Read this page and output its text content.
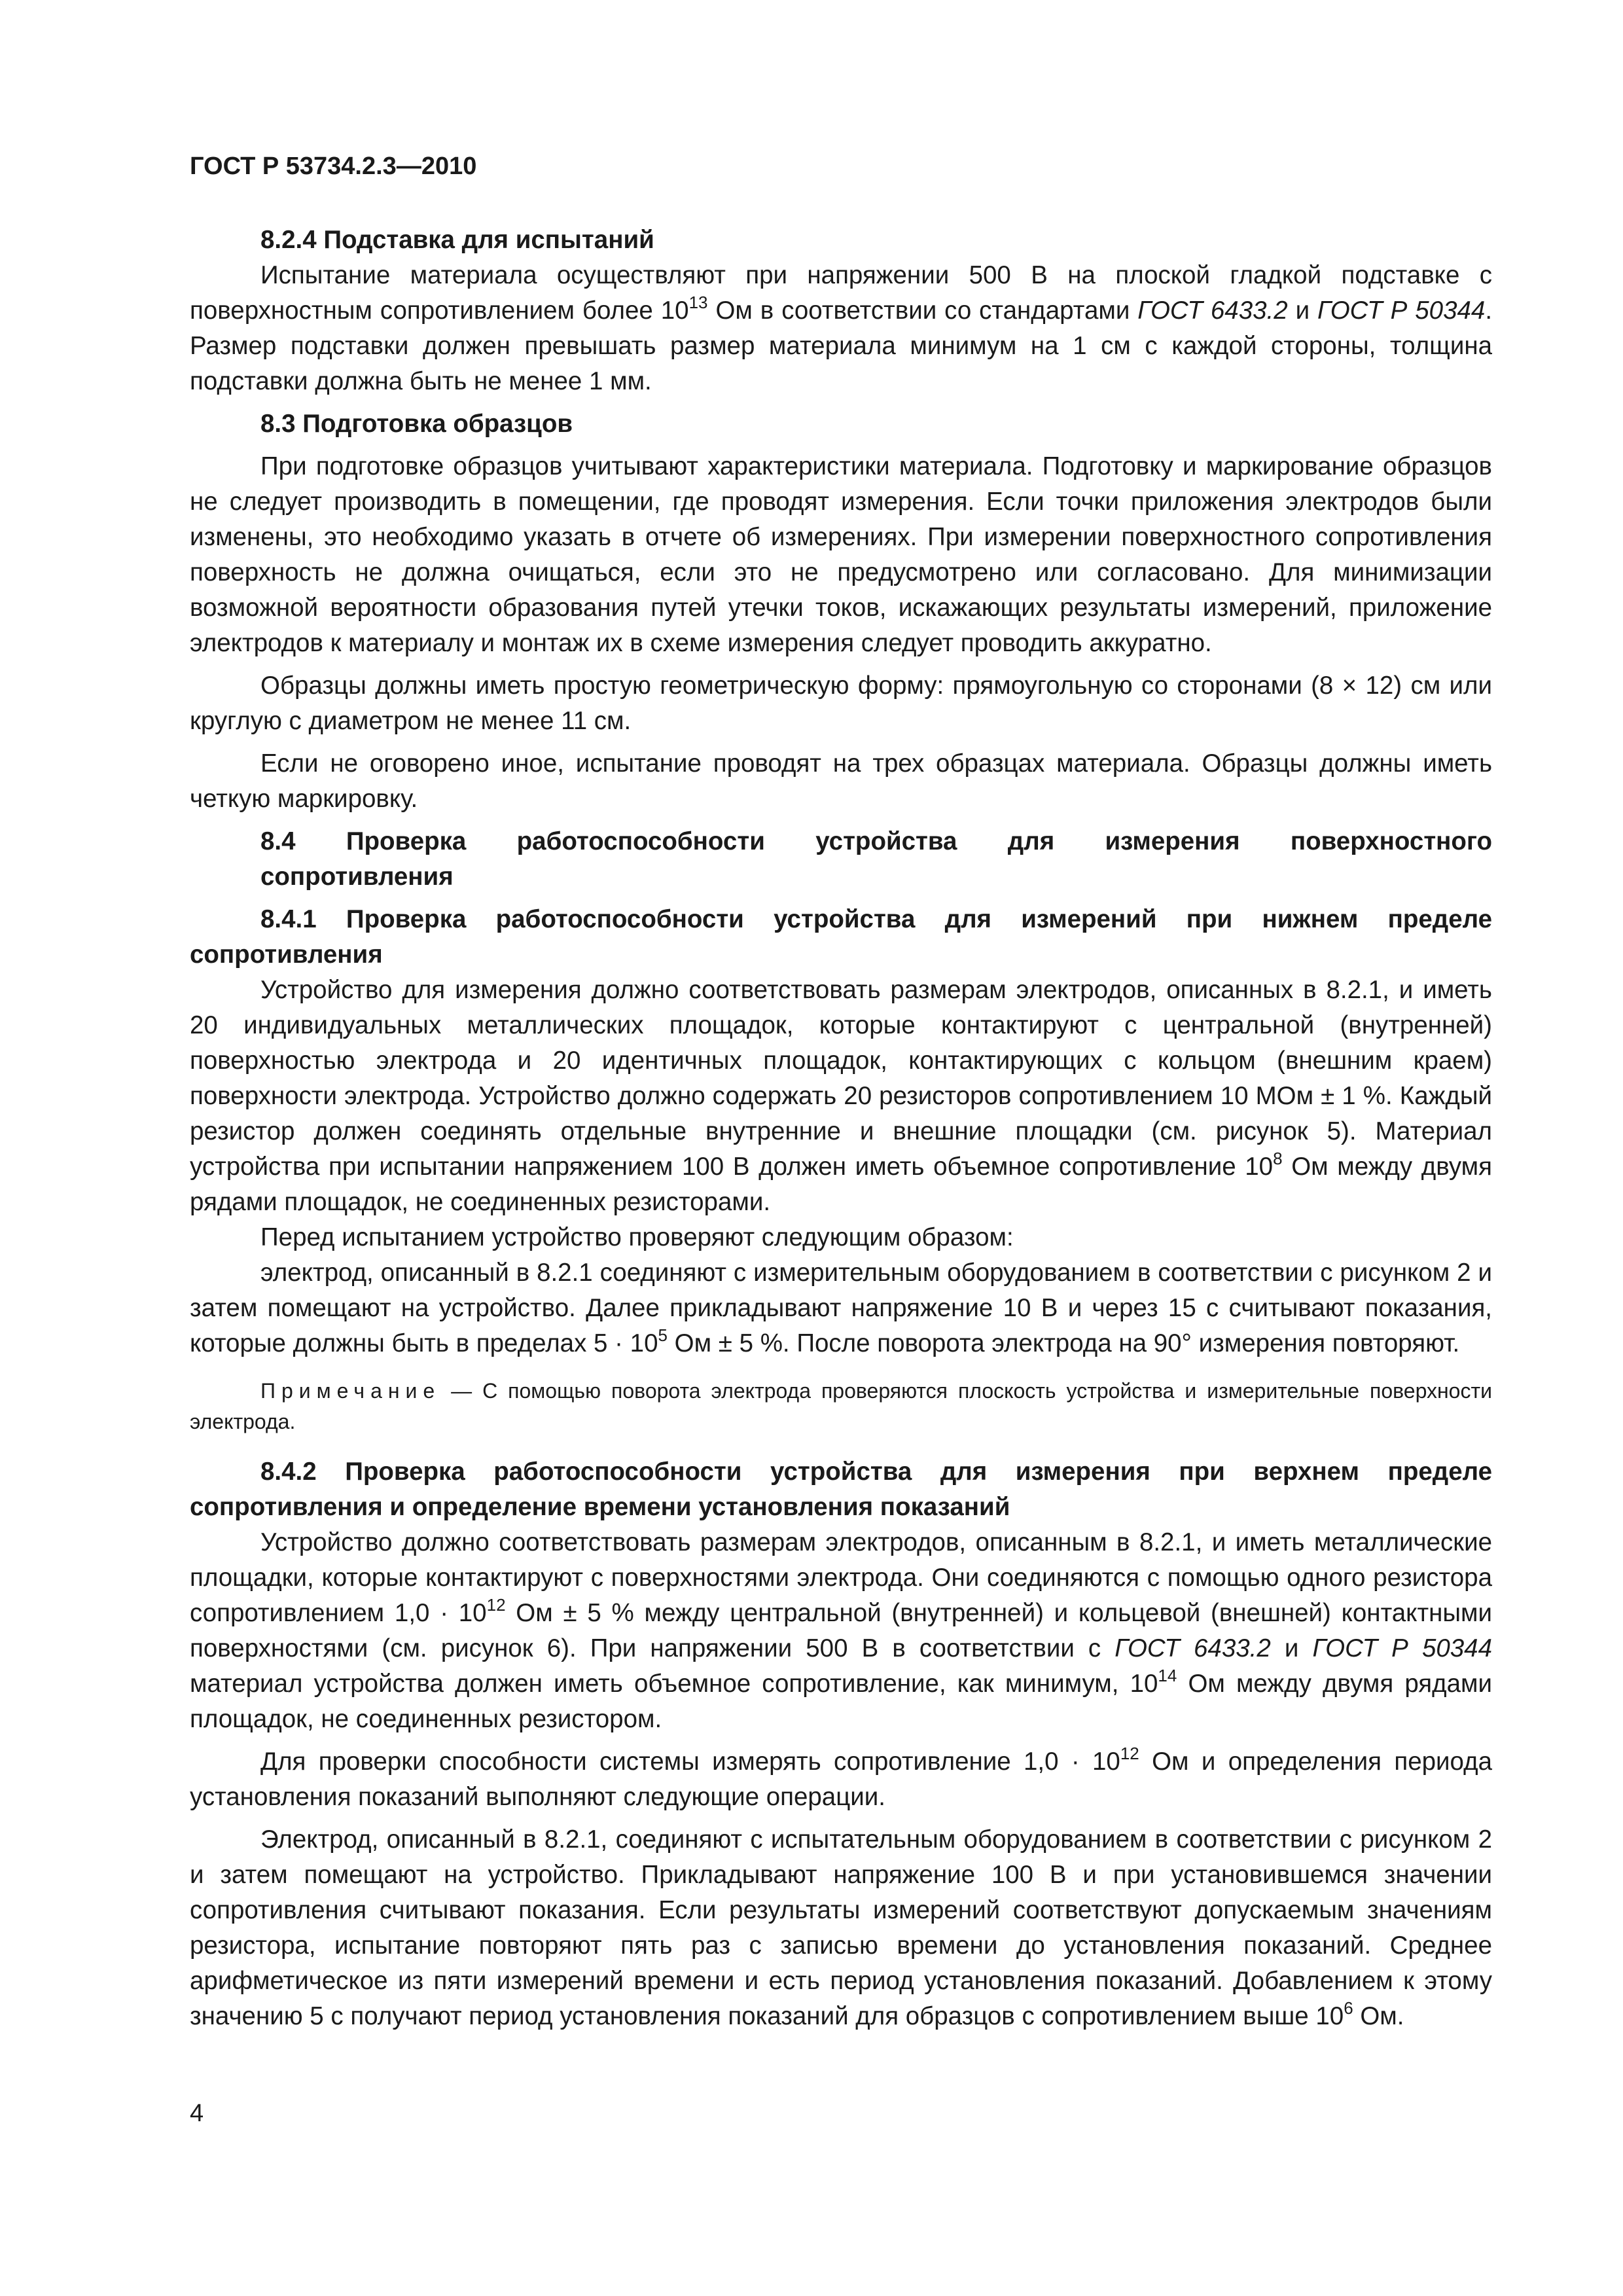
ГОСТ Р 53734.2.3—2010
8.2.4 Подставка для испытаний

Испытание материала осуществляют при напряжении 500 В на плоской гладкой подставке с поверхностным сопротивлением более $10^{13}$ Ом в соответствии со стандартами ГОСТ 6433.2 и ГОСТ Р 50344. Размер подставки должен превышать размер материала минимум на 1 см с каждой стороны, толщина подставки должна быть не менее 1 мм.

8.3 Подготовка образцов

При подготовке образцов учитывают характеристики материала. Подготовку и маркирование образцов не следует производить в помещении, где проводят измерения. Если точки приложения электродов были изменены, это необходимо указать в отчете об измерениях. При измерении поверхностного сопротивления поверхность не должна очищаться, если это не предусмотрено или согласовано. Для минимизации возможной вероятности образования путей утечки токов, искажающих результаты измерений, приложение электродов к материалу и монтаж их в схеме измерения следует проводить аккуратно.

Образцы должны иметь простую геометрическую форму: прямоугольную со сторонами (8 × 12) см или круглую с диаметром не менее 11 см.

Если не оговорено иное, испытание проводят на трех образцах материала. Образцы должны иметь четкую маркировку.

8.4 Проверка работоспособности устройства для измерения поверхностного
сопротивления
8.4.1 Проверка работоспособности устройства для измерений при нижнем пределе сопротивления

Устройство для измерения должно соответствовать размерам электродов, описанных в 8.2.1, и иметь 20 индивидуальных металлических площадок, которые контактируют с центральной (внутренней) поверхностью электрода и 20 идентичных площадок, контактирующих с кольцом (внешним краем) поверхности электрода. Устройство должно содержать 20 резисторов сопротивлением 10 МОм ± 1 %. Каждый резистор должен соединять отдельные внутренние и внешние площадки (см. рисунок 5). Материал устройства при испытании напряжением 100 В должен иметь объемное сопротивление $10^8$ Ом между двумя рядами площадок, не соединенных резисторами.

Перед испытанием устройство проверяют следующим образом:

электрод, описанный в 8.2.1 соединяют с измерительным оборудованием в соответствии с рисунком 2 и затем помещают на устройство. Далее прикладывают напряжение 10 В и через 15 с считывают показания, которые должны быть в пределах $5 \cdot 10^5$ Ом ± 5 %. После поворота электрода на 90° измерения повторяют.

Примечание — С помощью поворота электрода проверяются плоскость устройства и измерительные поверхности электрода.
8.4.2 Проверка работоспособности устройства для измерения при верхнем пределе сопротивления и определение времени установления показаний

Устройство должно соответствовать размерам электродов, описанным в 8.2.1, и иметь металлические площадки, которые контактируют с поверхностями электрода. Они соединяются с помощью одного резистора сопротивлением $1,0 \cdot 10^{12}$ Ом ± 5 % между центральной (внутренней) и кольцевой (внешней) контактными поверхностями (см. рисунок 6). При напряжении 500 В в соответствии с ГОСТ 6433.2 и ГОСТ Р 50344 материал устройства должен иметь объемное сопротивление, как минимум, $10^{14}$ Ом между двумя рядами площадок, не соединенных резистором.

Для проверки способности системы измерять сопротивление $1,0 \cdot 10^{12}$ Ом и определения периода установления показаний выполняют следующие операции.

Электрод, описанный в 8.2.1, соединяют с испытательным оборудованием в соответствии с рисунком 2 и затем помещают на устройство. Прикладывают напряжение 100 В и при установившемся значении сопротивления считывают показания. Если результаты измерений соответствуют допускаемым значениям резистора, испытание повторяют пять раз с записью времени до установления показаний. Среднее арифметическое из пяти измерений времени и есть период установления показаний. Добавлением к этому значению 5 с получают период установления показаний для образцов с сопротивлением выше $10^6$ Ом.

4
